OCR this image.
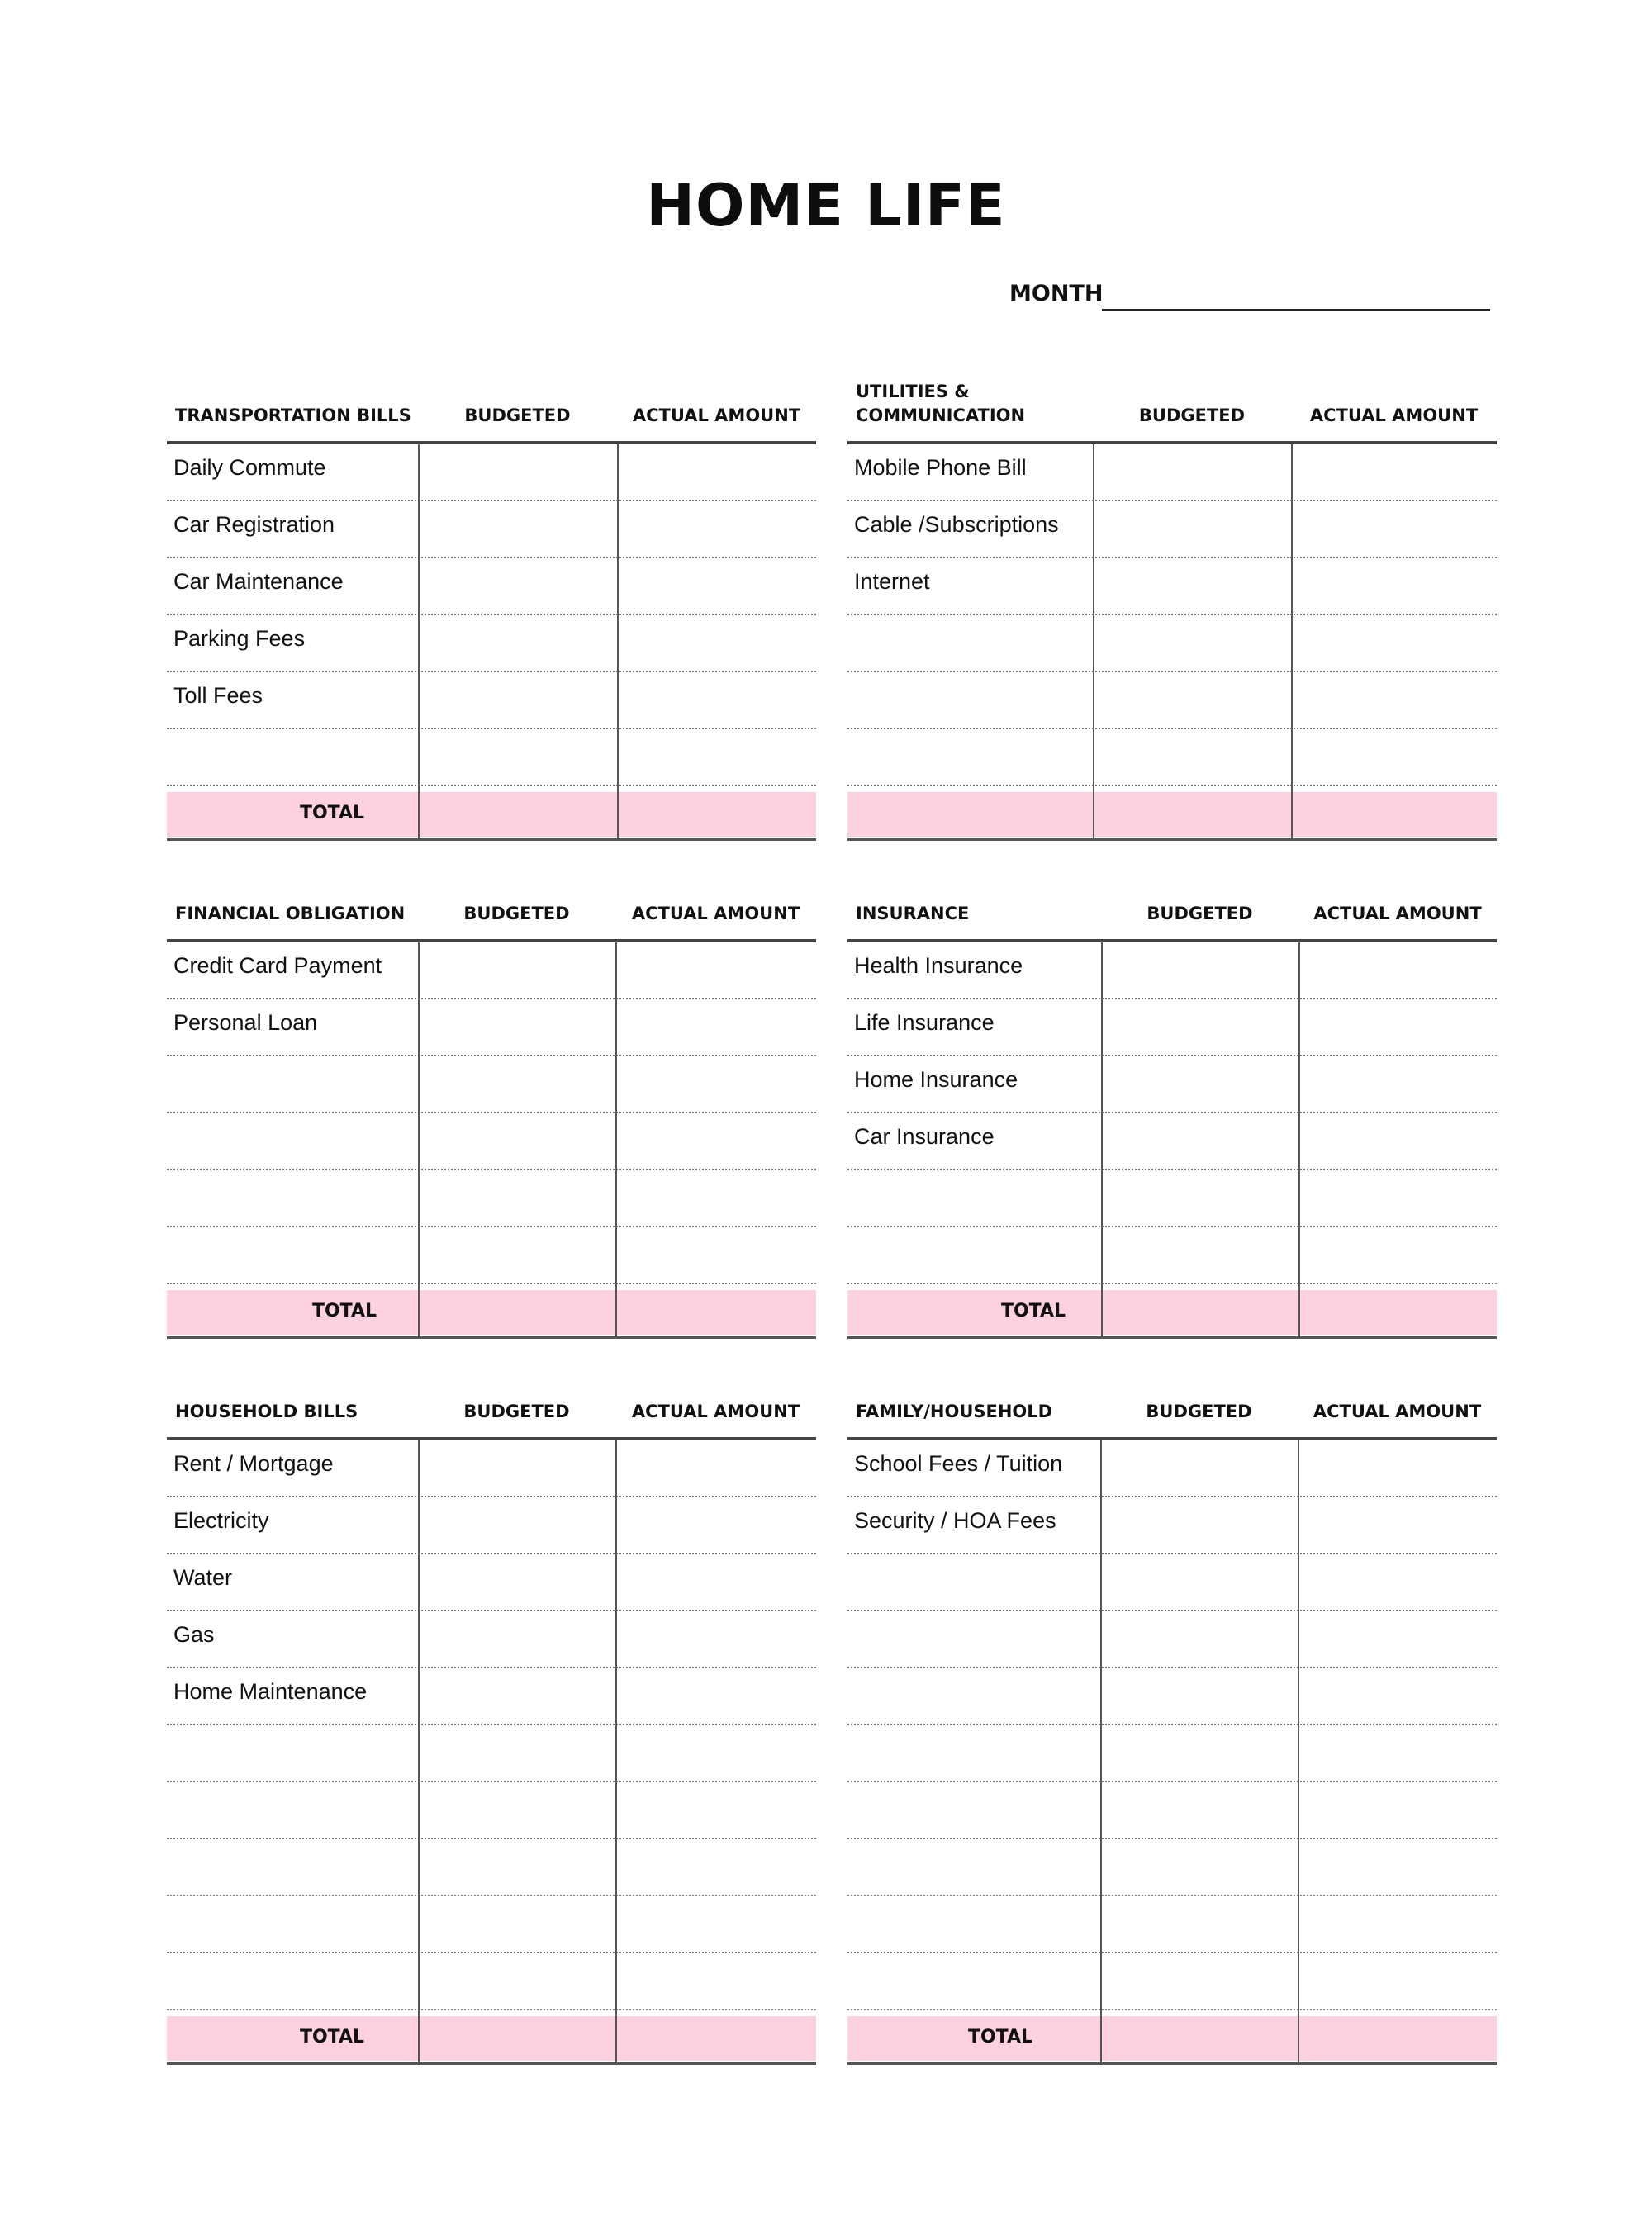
HOME LIFE
MONTH
TRANSPORTATION BILLS	BUDGETED	ACTUAL AMOUNT
Daily Commute
Car Registration
Car Maintenance
Parking Fees
Toll Fees
TOTAL
UTILITIES &
COMMUNICATION	BUDGETED	ACTUAL AMOUNT
Mobile Phone Bill
Cable /Subscriptions
Internet
FINANCIAL OBLIGATION	BUDGETED	ACTUAL AMOUNT
Credit Card Payment
Personal Loan
TOTAL
INSURANCE	BUDGETED	ACTUAL AMOUNT
Health Insurance
Life Insurance
Home Insurance
Car Insurance
TOTAL
HOUSEHOLD BILLS	BUDGETED	ACTUAL AMOUNT
Rent / Mortgage
Electricity
Water
Gas
Home Maintenance
TOTAL
FAMILY/HOUSEHOLD	BUDGETED	ACTUAL AMOUNT
School Fees / Tuition
Security / HOA Fees
TOTAL
